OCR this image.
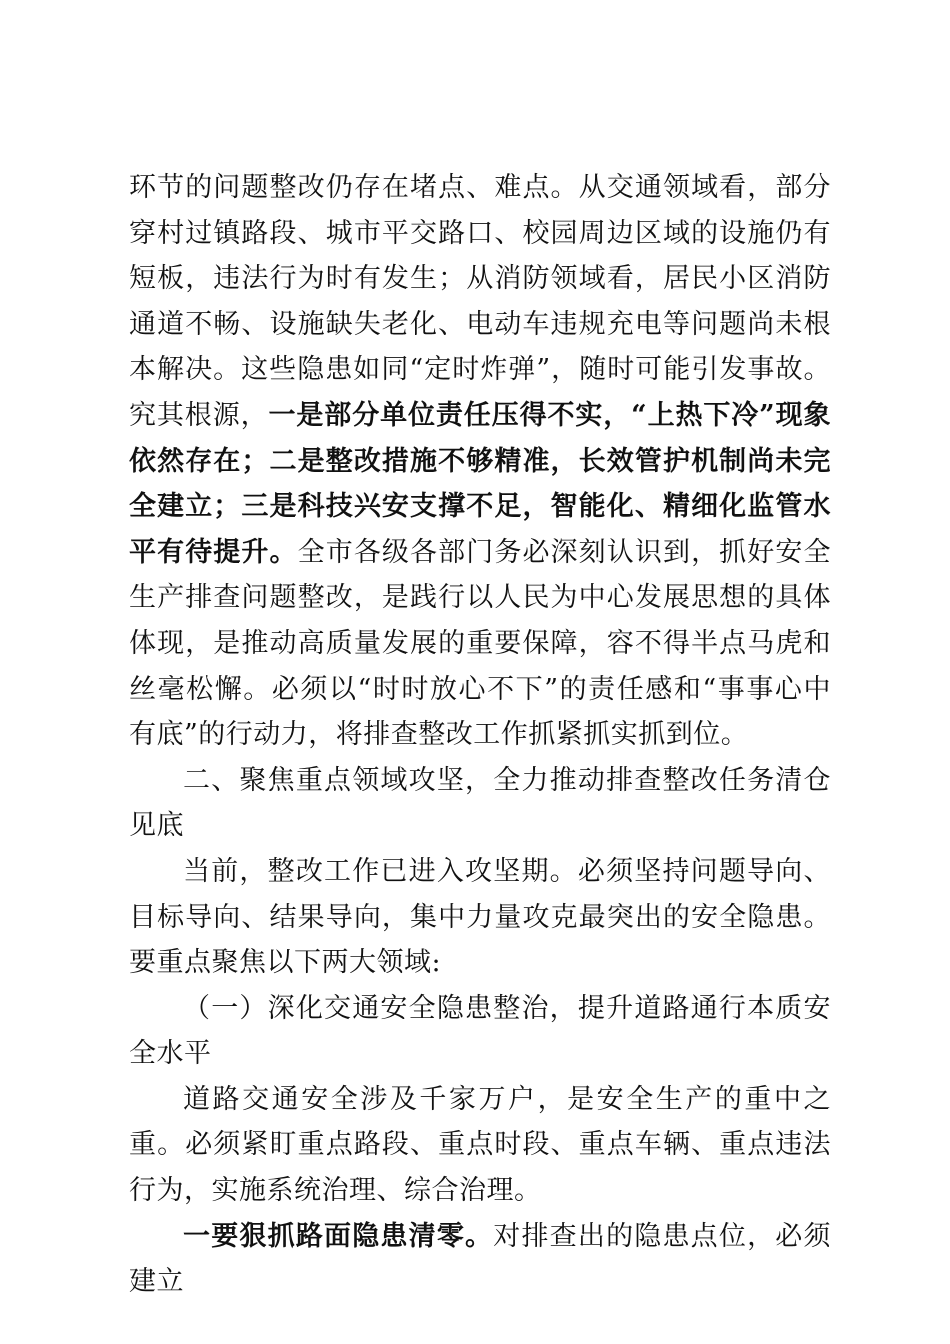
环节的问题整改仍存在堵点、难点。从交通领域看，部分穿村过镇路段、城市平交路口、校园周边区域的设施仍有短板，违法行为时有发生；从消防领域看，居民小区消防通道不畅、设施缺失老化、电动车违规充电等问题尚未根本解决。这些隐患如同“定时炸弹”，随时可能引发事故。究其根源，一是部分单位责任压得不实，“上热下冷”现象依然存在；二是整改措施不够精准，长效管护机制尚未完全建立；三是科技兴安支撑不足，智能化、精细化监管水平有待提升。全市各级各部门务必深刻认识到，抓好安全生产排查问题整改，是践行以人民为中心发展思想的具体体现，是推动高质量发展的重要保障，容不得半点马虎和丝毫松懈。必须以“时时放心不下”的责任感和“事事心中有底”的行动力，将排查整改工作抓紧抓实抓到位。

二、聚焦重点领域攻坚，全力推动排查整改任务清仓见底

当前，整改工作已进入攻坚期。必须坚持问题导向、目标导向、结果导向，集中力量攻克最突出的安全隐患。要重点聚焦以下两大领域:

（一）深化交通安全隐患整治，提升道路通行本质安全水平

道路交通安全涉及千家万户，是安全生产的重中之重。必须紧盯重点路段、重点时段、重点车辆、重点违法行为，实施系统治理、综合治理。

一要狠抓路面隐患清零。对排查出的隐患点位，必须建立
